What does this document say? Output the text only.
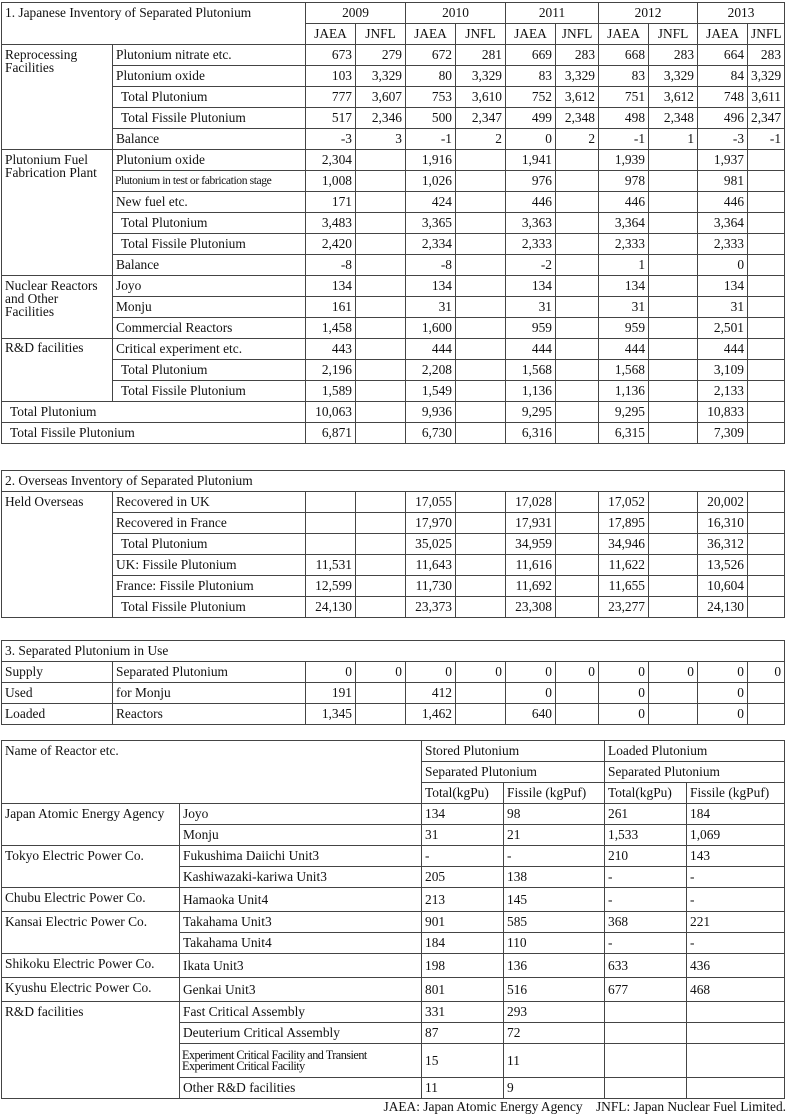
1. Japanese Inventory of Separated Plutonium		2009		2010		2011		2012		2013	
		JAEA	JNFL	JAEA	JNFL	JAEA	JNFL	JAEA	JNFL	JAEA	JNFL
Reprocessing Facilities	Plutonium nitrate etc.	673	279	672	281	669	283	668	283	664	283
	Plutonium oxide	103	3,329	80	3,329	83	3,329	83	3,329	84	3,329
	Total Plutonium	777	3,607	753	3,610	752	3,612	751	3,612	748	3,611
	Total Fissile Plutonium	517	2,346	500	2,347	499	2,348	498	2,348	496	2,347
	Balance	-3	3	-1	2	0	2	-1	1	-3	-1
Plutonium Fuel Fabrication Plant	Plutonium oxide	2,304		1,916		1,941		1,939		1,937	
	Plutonium in test or fabrication stage	1,008		1,026		976		978		981	
	New fuel etc.	171		424		446		446		446	
	Total Plutonium	3,483		3,365		3,363		3,364		3,364	
	Total Fissile Plutonium	2,420		2,334		2,333		2,333		2,333	
	Balance	-8		-8		-2		1		0	
Nuclear Reactors and Other Facilities	Joyo	134		134		134		134		134	
	Monju	161		31		31		31		31	
	Commercial Reactors	1,458		1,600		959		959		2,501	
R&D facilities	Critical experiment etc.	443		444		444		444		444	
	Total Plutonium	2,196		2,208		1,568		1,568		3,109	
	Total Fissile Plutonium	1,589		1,549		1,136		1,136		2,133	
Total Plutonium		10,063		9,936		9,295		9,295		10,833	
Total Fissile Plutonium		6,871		6,730		6,316		6,315		7,309	
2. Overseas Inventory of Separated Plutonium											
Held Overseas	Recovered in UK			17,055		17,028		17,052		20,002	
	Recovered in France			17,970		17,931		17,895		16,310	
	Total Plutonium			35,025		34,959		34,946		36,312	
	UK: Fissile Plutonium	11,531		11,643		11,616		11,622		13,526	
	France: Fissile Plutonium	12,599		11,730		11,692		11,655		10,604	
	Total Fissile Plutonium	24,130		23,373		23,308		23,277		24,130	
3. Separated Plutonium in Use											
Supply	Separated Plutonium	0	0	0	0	0	0	0	0	0	0
Used	for Monju	191		412		0		0		0	
Loaded	Reactors	1,345		1,462		640		0		0	
Name of Reactor etc.		Stored Plutonium		Loaded Plutonium	
		Separated Plutonium		Separated Plutonium	
		Total(kgPu)	Fissile (kgPuf)	Total(kgPu)	Fissile (kgPuf)
Japan Atomic Energy Agency	Joyo	134	98	261	184
	Monju	31	21	1,533	1,069
Tokyo Electric Power Co.	Fukushima Daiichi Unit3	-	-	210	143
	Kashiwazaki-kariwa Unit3	205	138	-	-
Chubu Electric Power Co.	Hamaoka Unit4	213	145	-	-
Kansai Electric Power Co.	Takahama Unit3	901	585	368	221
	Takahama Unit4	184	110	-	-
Shikoku Electric Power Co.	Ikata Unit3	198	136	633	436
Kyushu Electric Power Co.	Genkai Unit3	801	516	677	468
R&D facilities	Fast Critical Assembly	331	293		
	Deuterium Critical Assembly	87	72		
	Experiment Critical Facility and Transient Experiment Critical Facility	15	11		
	Other R&D facilities	11	9		
JAEA: Japan Atomic Energy Agency    JNFL: Japan Nuclear Fuel Limited.
